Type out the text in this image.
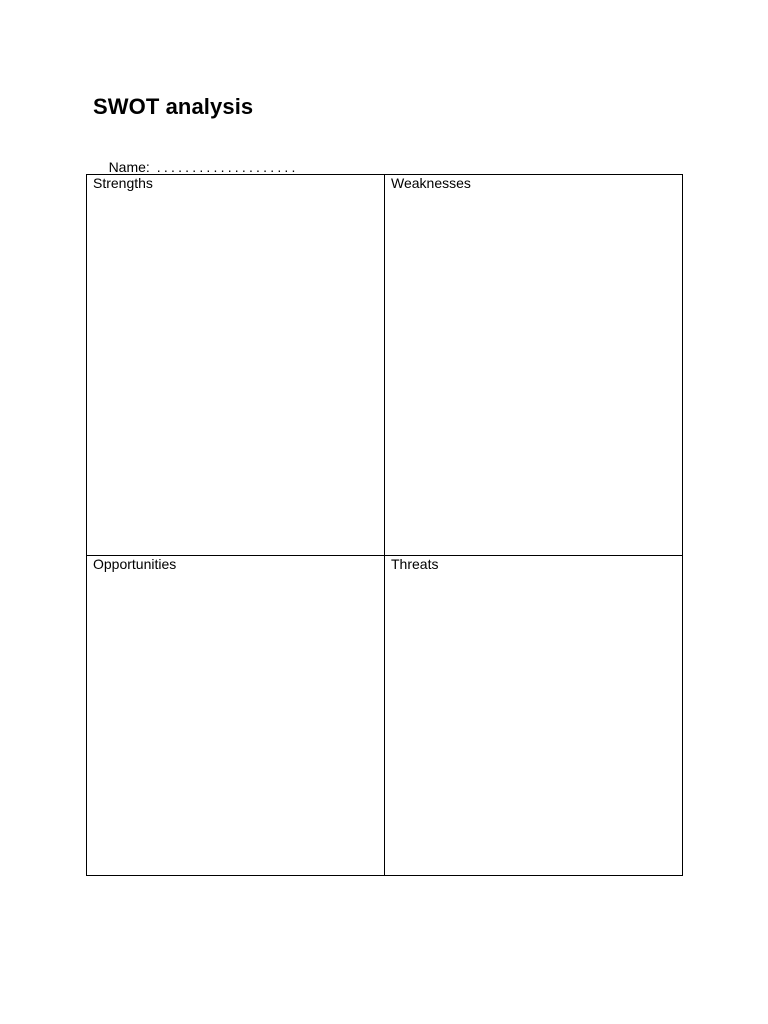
SWOT analysis

Name: ....................

Strengths	Weaknesses
Opportunities	Threats
